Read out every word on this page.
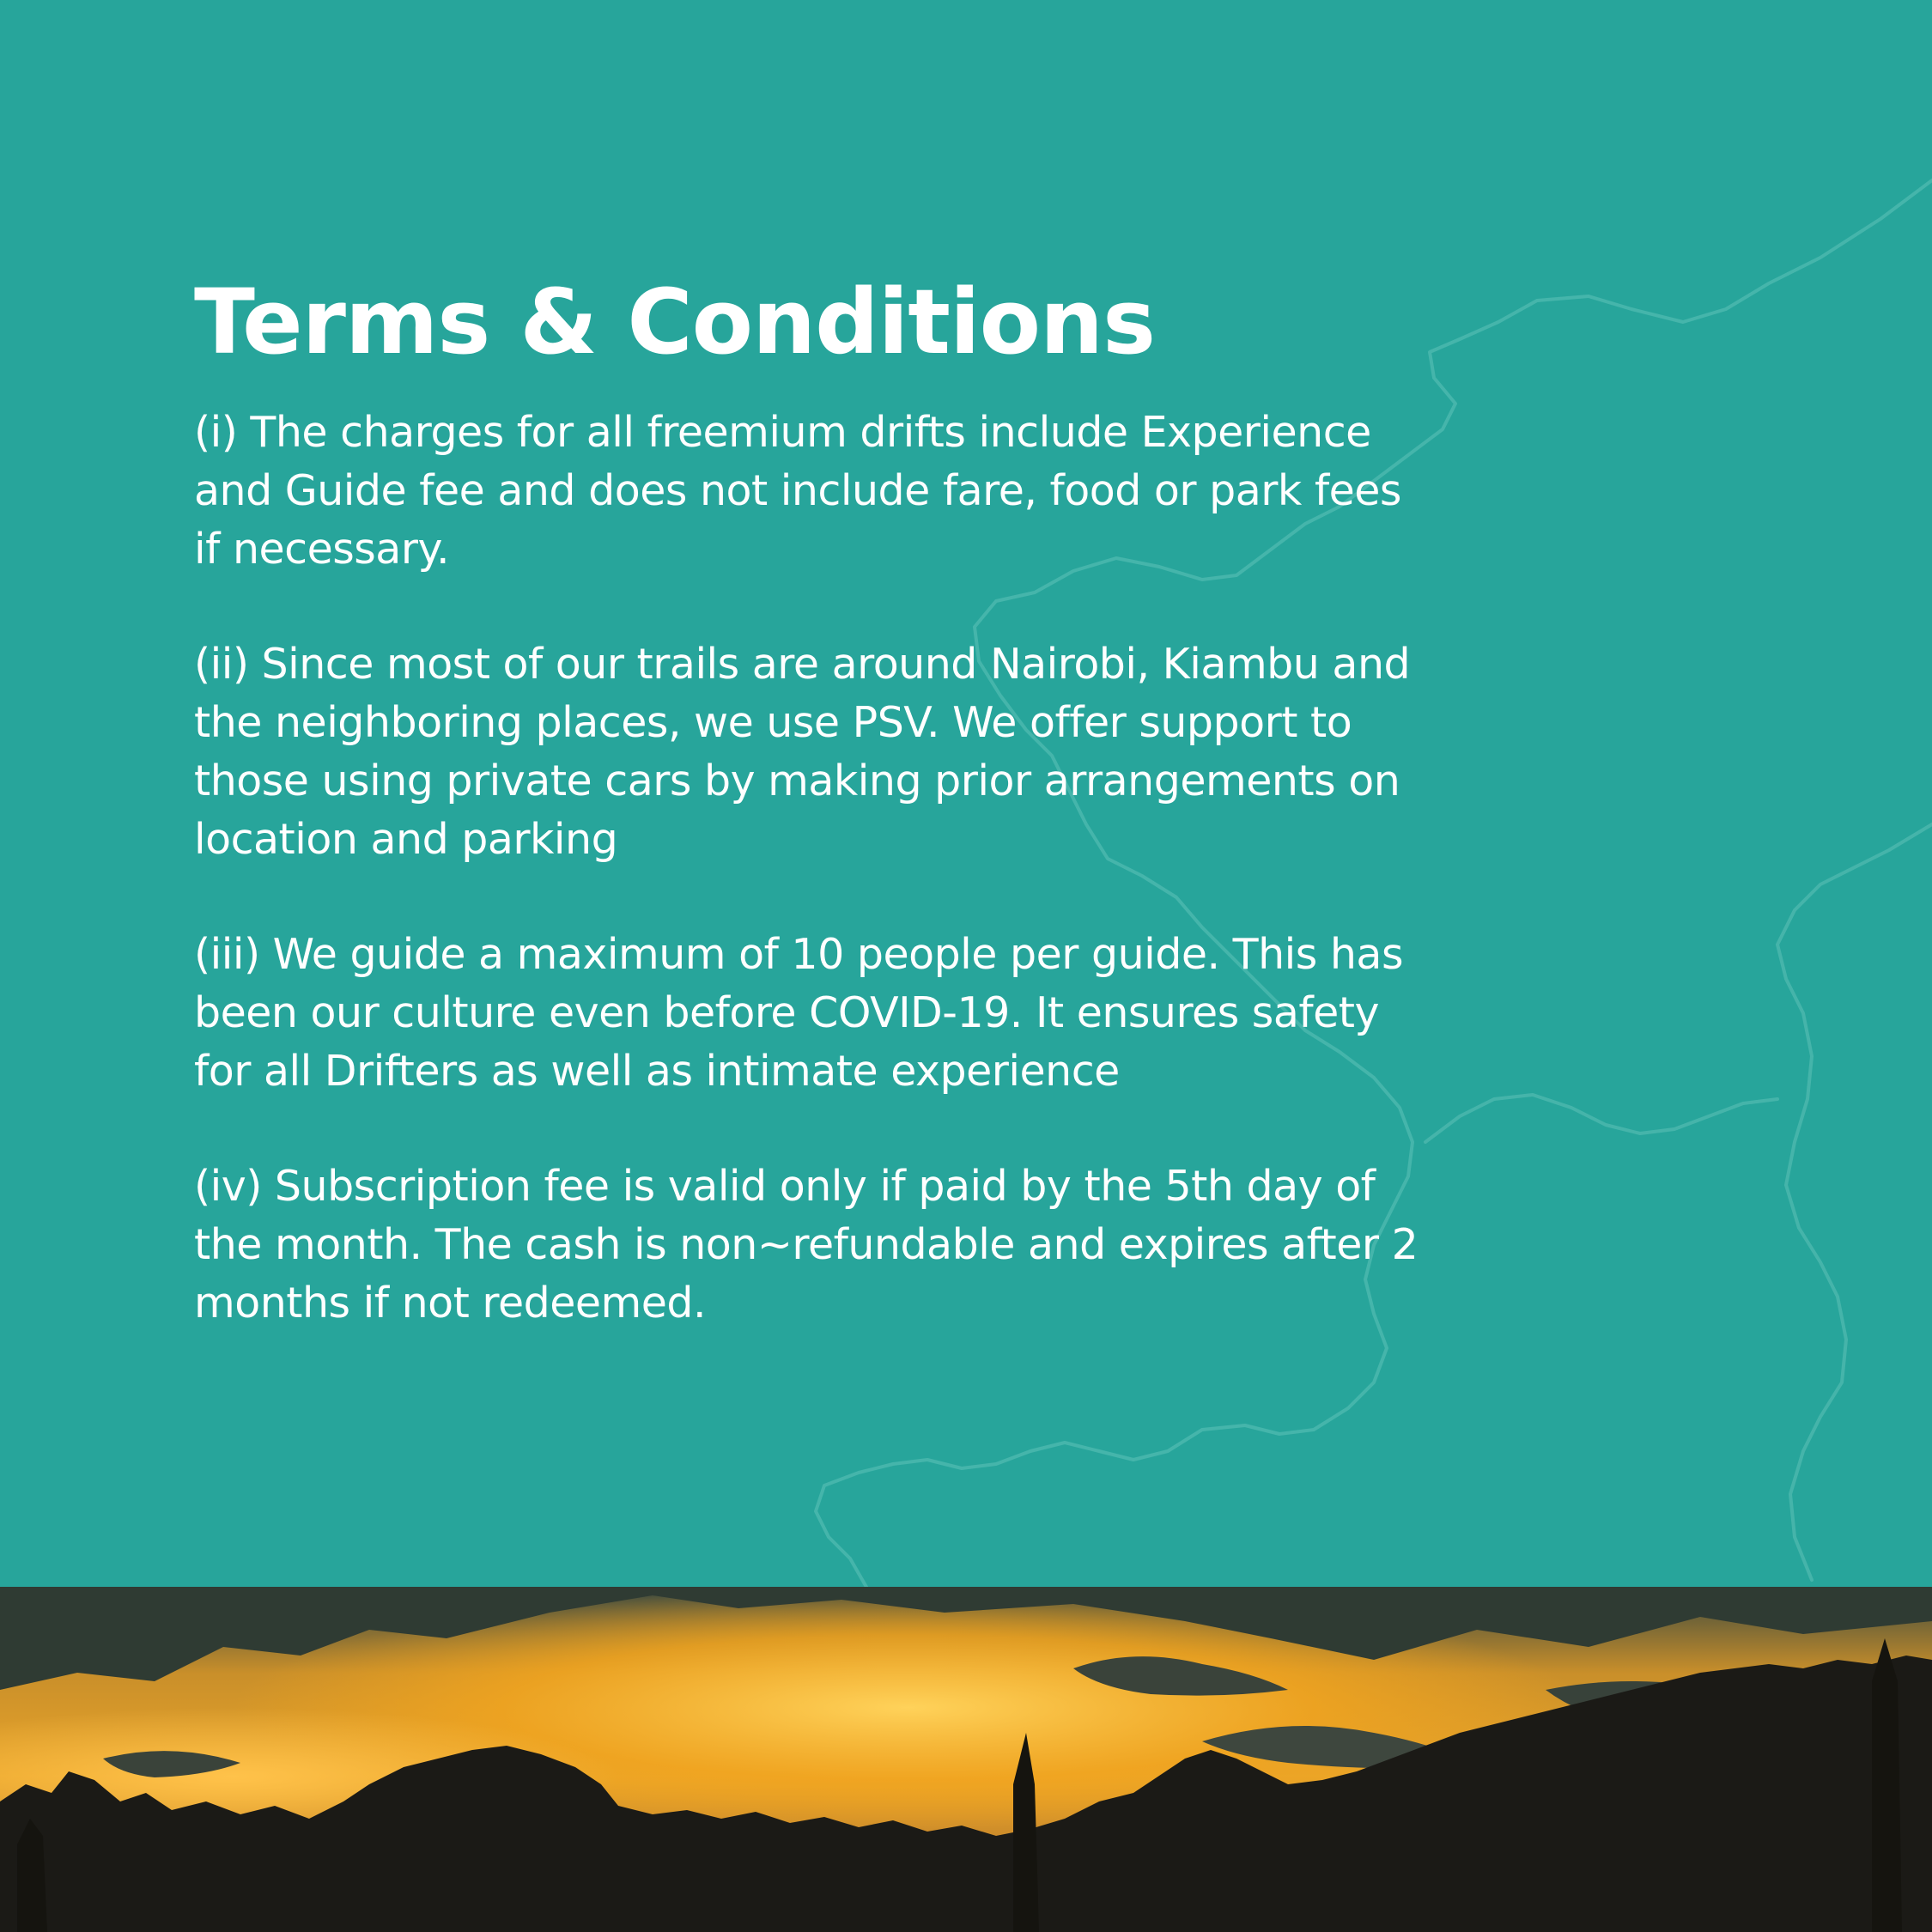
Terms & Conditions

(i) The charges for all freemium drifts include Experience and Guide fee and does not include fare, food or park fees if necessary.

(ii) Since most of our trails are around Nairobi, Kiambu and the neighboring places, we use PSV. We offer support to those using private cars by making prior arrangements on location and parking

(iii) We guide a maximum of 10 people per guide. This has been our culture even before COVID-19. It ensures safety for all Drifters as well as intimate experience

(iv) Subscription fee is valid only if paid by the 5th day of the month. The cash is non~refundable and expires after 2 months if not redeemed.
